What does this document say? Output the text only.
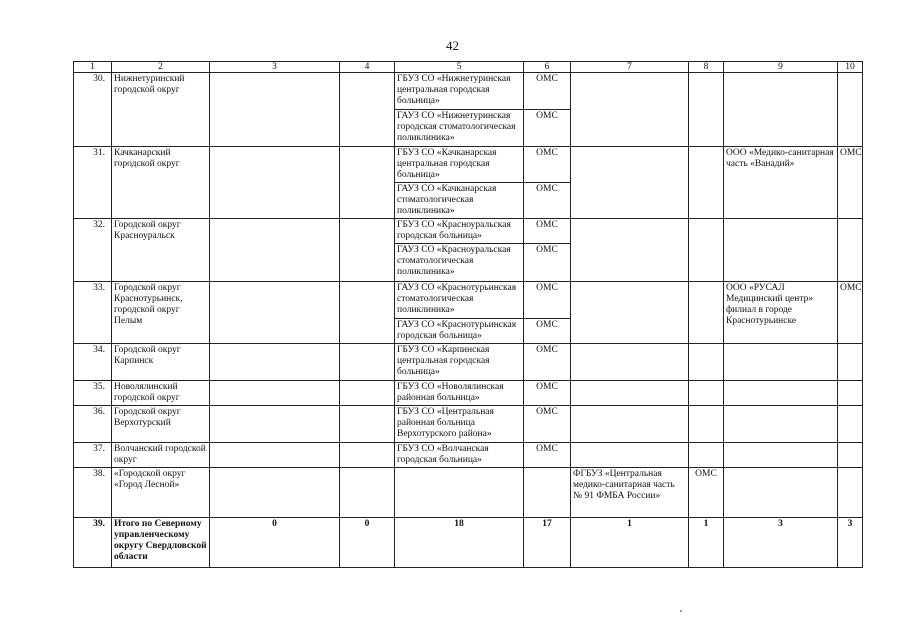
42
1	2	3	4	5	6	7	8	9	10
30.	Нижнетуринский городской округ			ГБУЗ СО «Нижнетуринская центральная городская больница»	ОМС				
				ГАУЗ СО «Нижнетуринская городская стоматологическая поликлиника»	ОМС				
31.	Качканарский городской округ			ГБУЗ СО «Качканарская центральная городская больница»	ОМС			ООО «Медико-санитарная часть «Ванадий»	ОМС
				ГАУЗ СО «Качканарская стоматологическая поликлиника»	ОМС				
32.	Городской округ Красноуральск			ГБУЗ СО «Красноуральская городская больница»	ОМС				
				ГАУЗ СО «Красноуральская стоматологическая поликлиника»	ОМС				
33.	Городской округ Краснотурьинск, городской округ Пелым			ГАУЗ СО «Краснотурьинская стоматологическая поликлиника»	ОМС			ООО «РУСАЛ Медицинский центр» филиал в городе Краснотурьинске	ОМС
				ГАУЗ СО «Краснотурьинская городская больница»	ОМС				
34.	Городской округ Карпинск			ГБУЗ СО «Карпинская центральная городская больница»	ОМС				
35.	Новолялинский городской округ			ГБУЗ СО «Новолялинская районная больница»	ОМС				
36.	Городской округ Верхотурский			ГБУЗ СО «Центральная районная больница Верхотурского района»	ОМС				
37.	Волчанский городской округ			ГБУЗ СО «Волчанская городская больница»	ОМС				
38.	«Городской округ «Город Лесной»					ФГБУЗ «Центральная медико-санитарная часть № 91 ФМБА России»	ОМС		
39.	Итого по Северному управленческому округу Свердловской области	0	0	18	17	1	1	3	3
